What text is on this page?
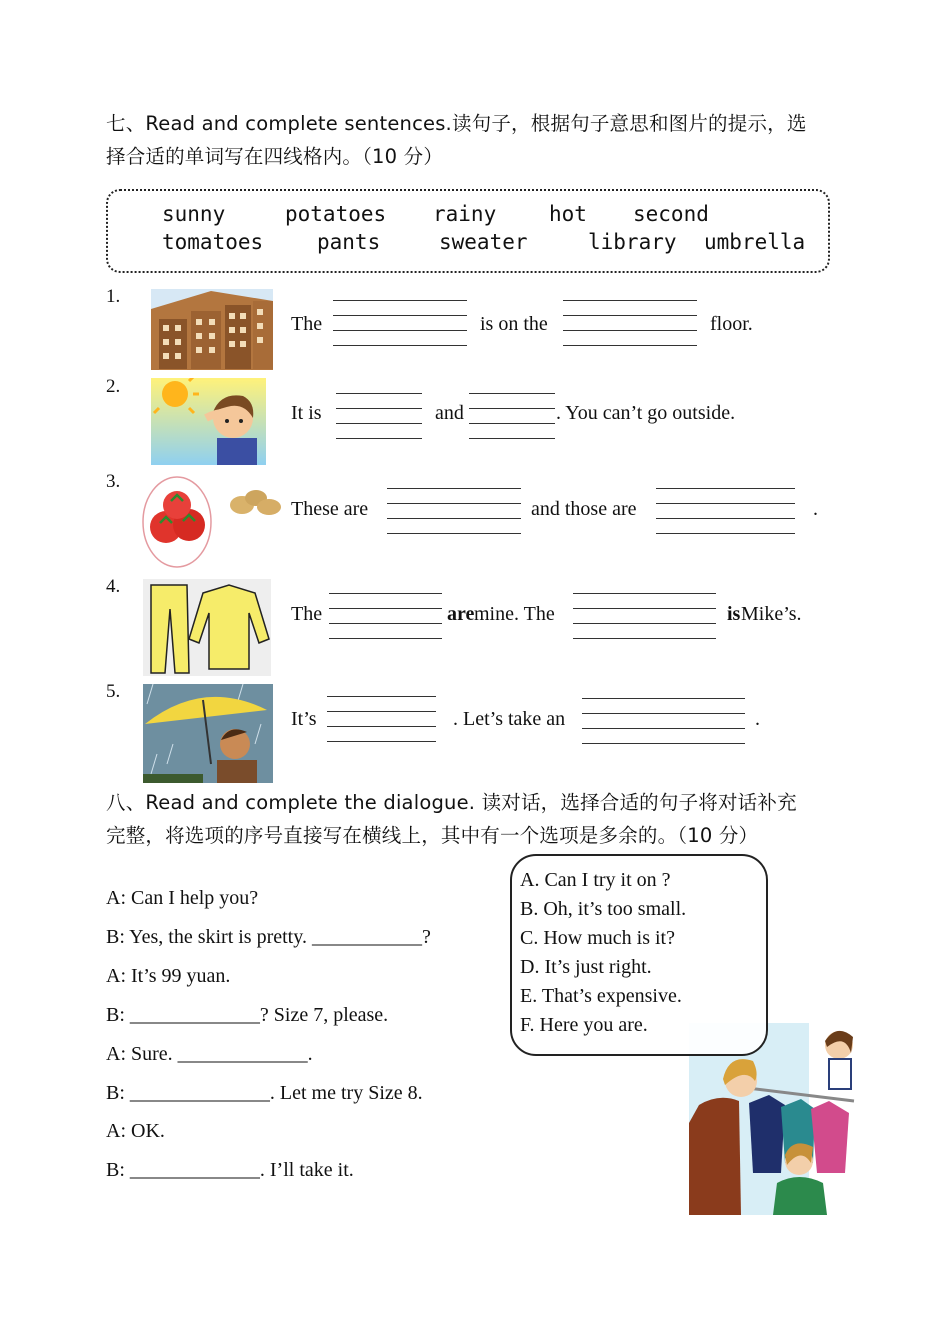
七、Read and complete sentences.读句子，根据句子意思和图片的提示，选
择合适的单词写在四线格内。（10 分）
sunny	potatoes rainy	hot second
tomatoes	pants	sweater	library umbrella
1.
The	is on the	floor.
2.
It is	and	. You can’t go outside.
3.
These are	and those are	.
4.
The	are mine. The	is Mike’s.
5.
It’s	. Let’s take an	.
八、Read and complete the dialogue. 读对话，选择合适的句子将对话补充
完整，将选项的序号直接写在横线上，其中有一个选项是多余的。（10 分）
A: Can I help you?
B: Yes, the skirt is pretty. ___________?
A: It’s 99 yuan.
B: _____________? Size 7, please.
A: Sure. _____________.
B: ______________. Let me try Size 8.
A: OK.
B: _____________. I’ll take it.
A. Can I try it on ?
B. Oh, it’s too small.
C. How much is it?
D. It’s just right.
E. That’s expensive.
F. Here you are.
